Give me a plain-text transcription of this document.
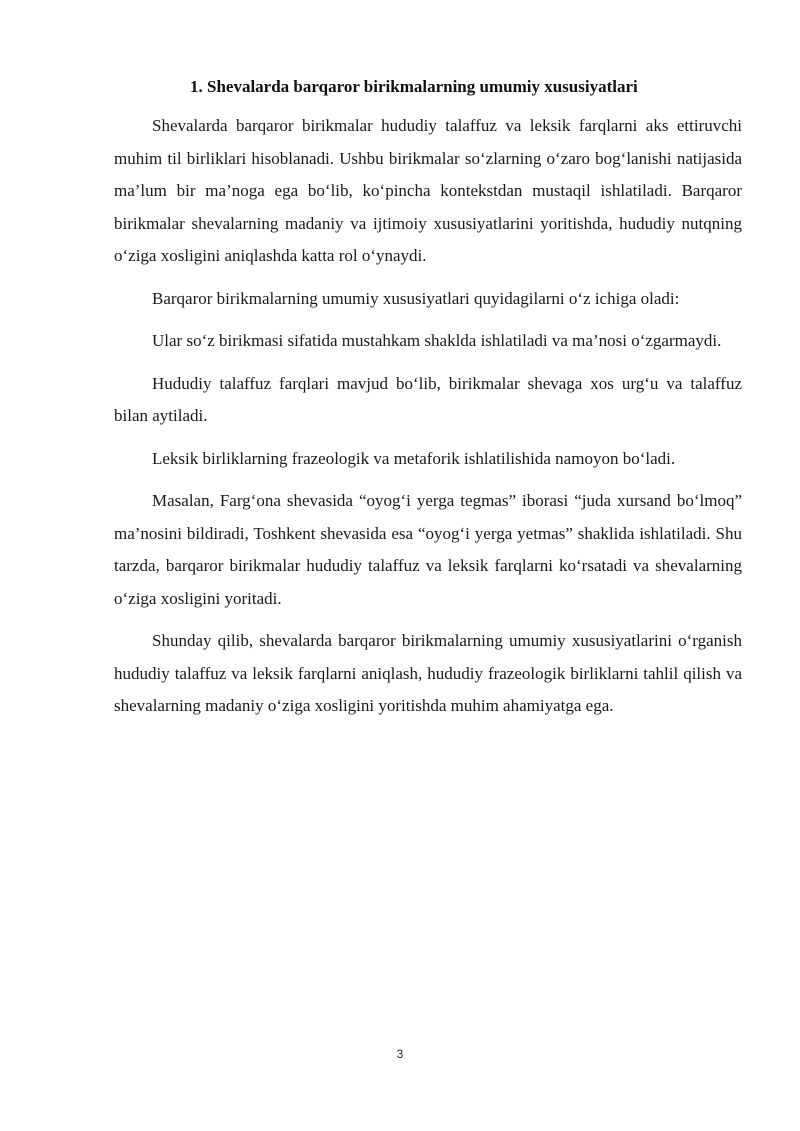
1. Shevalarda barqaror birikmalarning umumiy xususiyatlari

Shevalarda barqaror birikmalar hududiy talaffuz va leksik farqlarni aks ettiruvchi muhim til birliklari hisoblanadi. Ushbu birikmalar so‘zlarning o‘zaro bog‘lanishi natijasida ma’lum bir ma’noga ega bo‘lib, ko‘pincha kontekstdan mustaqil ishlatiladi. Barqaror birikmalar shevalarning madaniy va ijtimoiy xususiyatlarini yoritishda, hududiy nutqning o‘ziga xosligini aniqlashda katta rol o‘ynaydi.

Barqaror birikmalarning umumiy xususiyatlari quyidagilarni o‘z ichiga oladi:

Ular so‘z birikmasi sifatida mustahkam shaklda ishlatiladi va ma’nosi o‘zgarmaydi.

Hududiy talaffuz farqlari mavjud bo‘lib, birikmalar shevaga xos urg‘u va talaffuz bilan aytiladi.

Leksik birliklarning frazeologik va metaforik ishlatilishida namoyon bo‘ladi.

Masalan, Farg‘ona shevasida “oyog‘i yerga tegmas” iborasi “juda xursand bo‘lmoq” ma’nosini bildiradi, Toshkent shevasida esa “oyog‘i yerga yetmas” shaklida ishlatiladi. Shu tarzda, barqaror birikmalar hududiy talaffuz va leksik farqlarni ko‘rsatadi va shevalarning o‘ziga xosligini yoritadi.

Shunday qilib, shevalarda barqaror birikmalarning umumiy xususiyatlarini o‘rganish hududiy talaffuz va leksik farqlarni aniqlash, hududiy frazeologik birliklarni tahlil qilish va shevalarning madaniy o‘ziga xosligini yoritishda muhim ahamiyatga ega.

3
